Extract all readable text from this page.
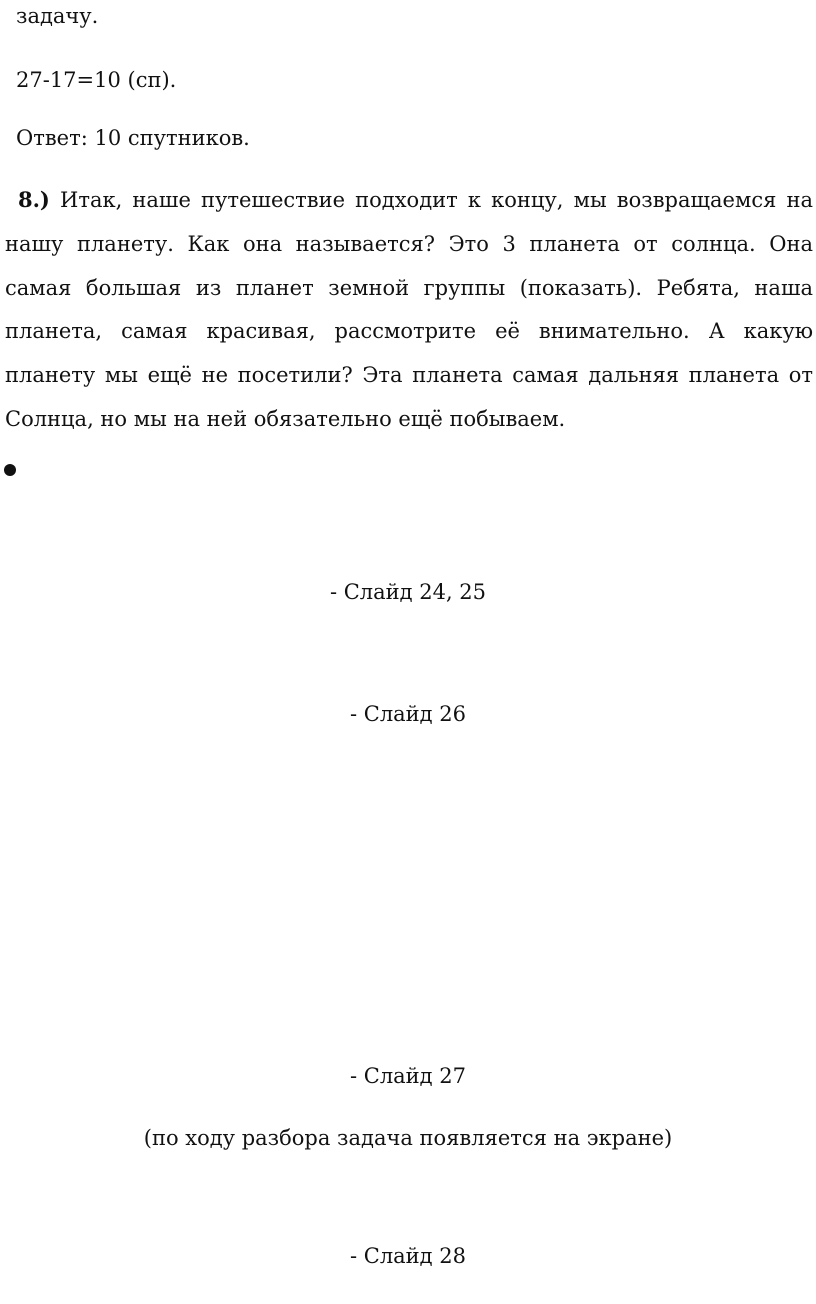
задачу.
27-17=10 (сп).
Ответ: 10 спутников.
8.) Итак, наше путешествие подходит к концу, мы возвращаемся на нашу планету. Как она называется? Это 3 планета от солнца. Она самая большая из планет земной группы (показать). Ребята, наша планета, самая красивая, рассмотрите её внимательно. А какую планету мы ещё не посетили? Эта планета самая дальняя планета от Солнца, но мы на ней обязательно ещё побываем.
- Слайд 24, 25
- Слайд 26
- Слайд 27
(по ходу разбора задача появляется на экране)
- Слайд 28
